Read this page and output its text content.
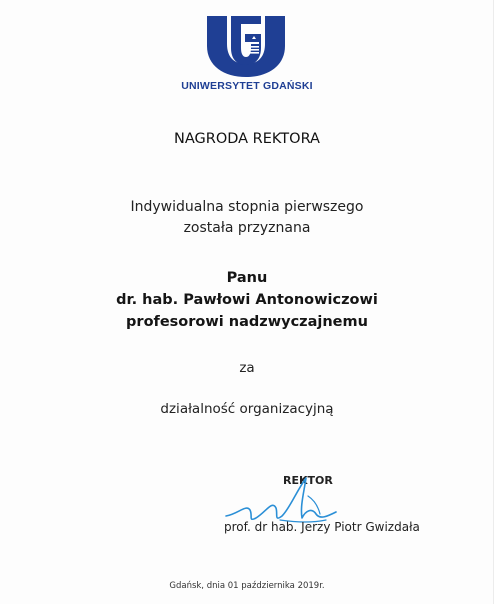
UNIWERSYTET GDAŃSKI
NAGRODA REKTORA
Indywidualna stopnia pierwszego
została przyznana
Panu
dr. hab. Pawłowi Antonowiczowi
profesorowi nadzwyczajnemu
za
działalność organizacyjną
REKTOR
prof. dr hab. Jerzy Piotr Gwizdała
Gdańsk, dnia 01 października 2019r.
